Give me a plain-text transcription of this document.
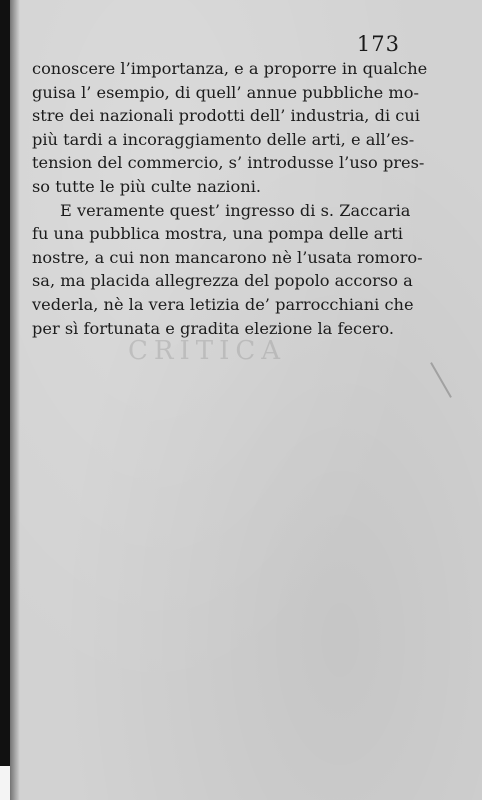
173
conoscere l’importanza, e a proporre in qualche
guisa l’ esempio, di quell’ annue pubbliche mo-
stre dei nazionali prodotti dell’ industria, di cui
più tardi a incoraggiamento delle arti, e all’es-
tension del commercio, s’ introdusse l’uso pres-
so tutte le più culte nazioni.
E veramente quest’ ingresso di s. Zaccaria
fu una pubblica mostra, una pompa delle arti
nostre, a cui non mancarono nè l’usata romoro-
sa, ma placida allegrezza del popolo accorso a
vederla, nè la vera letizia de’ parrocchiani che
per sì fortunata e gradita elezione la fecero.
CRITICA
